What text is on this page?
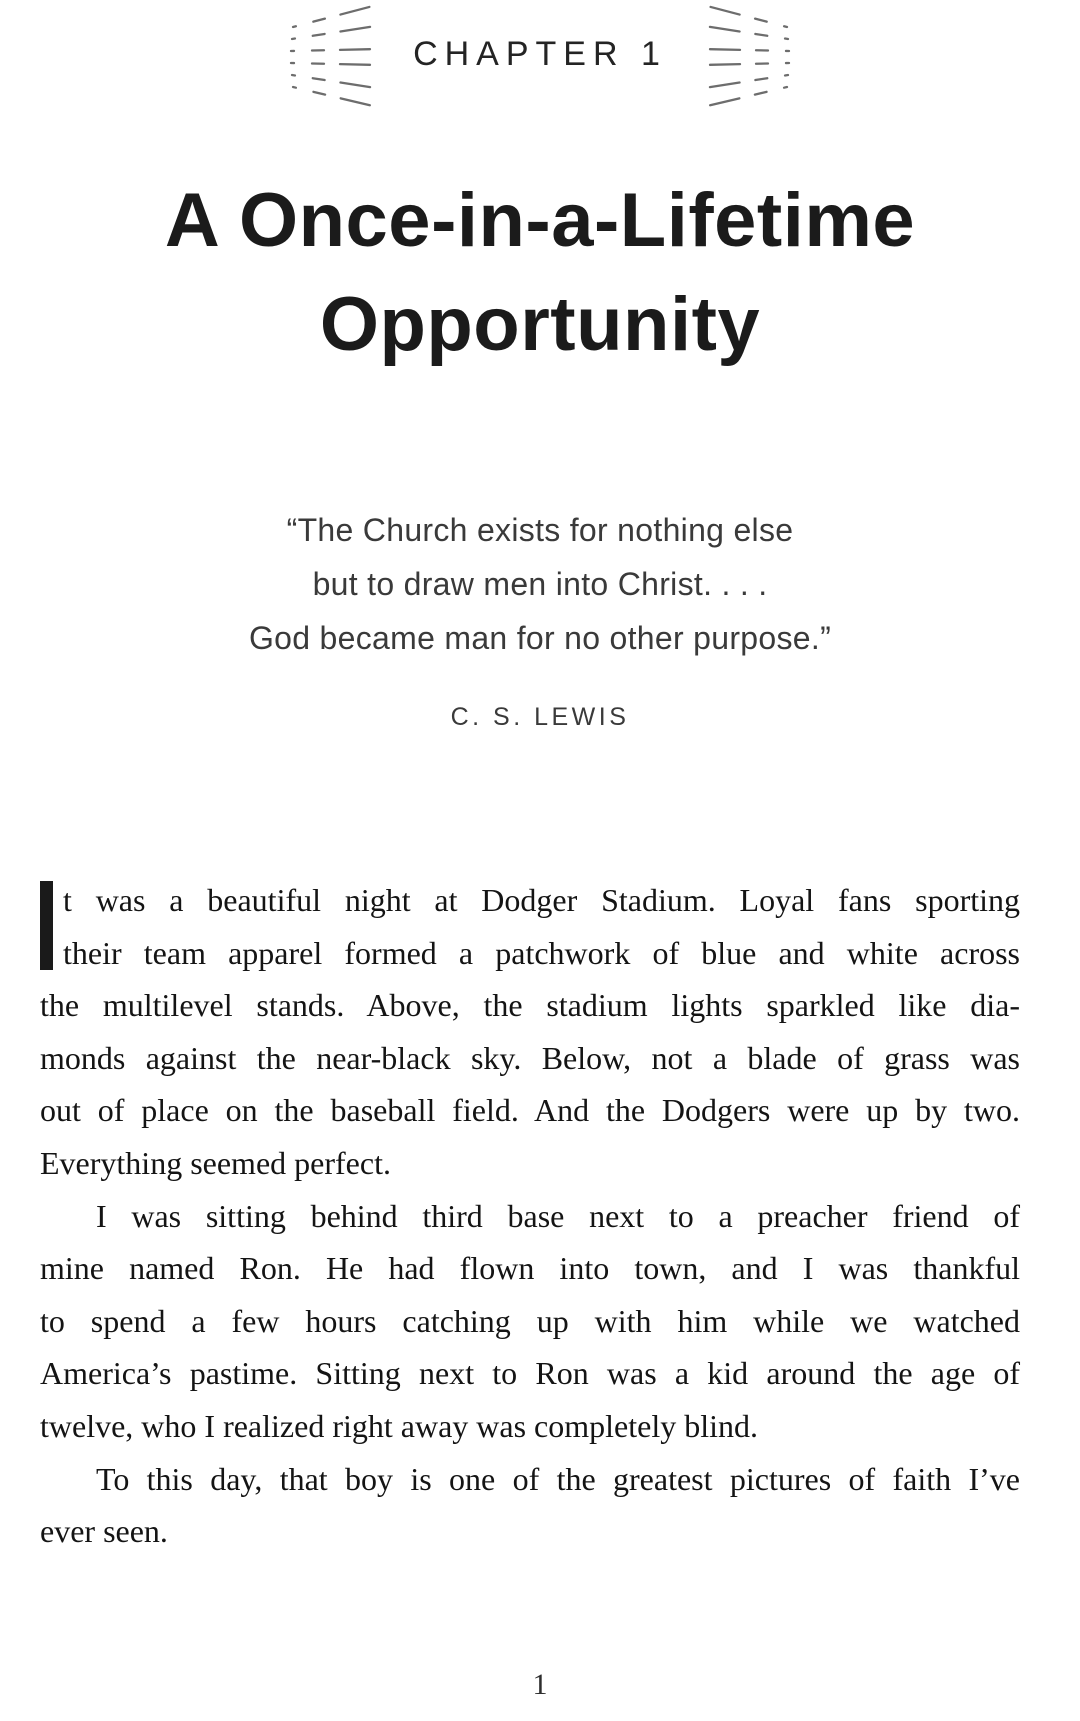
CHAPTER 1
A Once-in-a-Lifetime
Opportunity
“The Church exists for nothing else
but to draw men into Christ. . . .
God became man for no other purpose.”
C. S. LEWIS

t was a beautiful night at Dodger Stadium. Loyal fans sporting
their team apparel formed a patchwork of blue and white across
the multilevel stands. Above, the stadium lights sparkled like dia-
monds against the near-black sky. Below, not a blade of grass was
out of place on the baseball field. And the Dodgers were up by two.
Everything seemed perfect.

I was sitting behind third base next to a preacher friend of
mine named Ron. He had flown into town, and I was thankful
to spend a few hours catching up with him while we watched
America’s pastime. Sitting next to Ron was a kid around the age of
twelve, who I realized right away was completely blind.

To this day, that boy is one of the greatest pictures of faith I’ve
ever seen.

1
